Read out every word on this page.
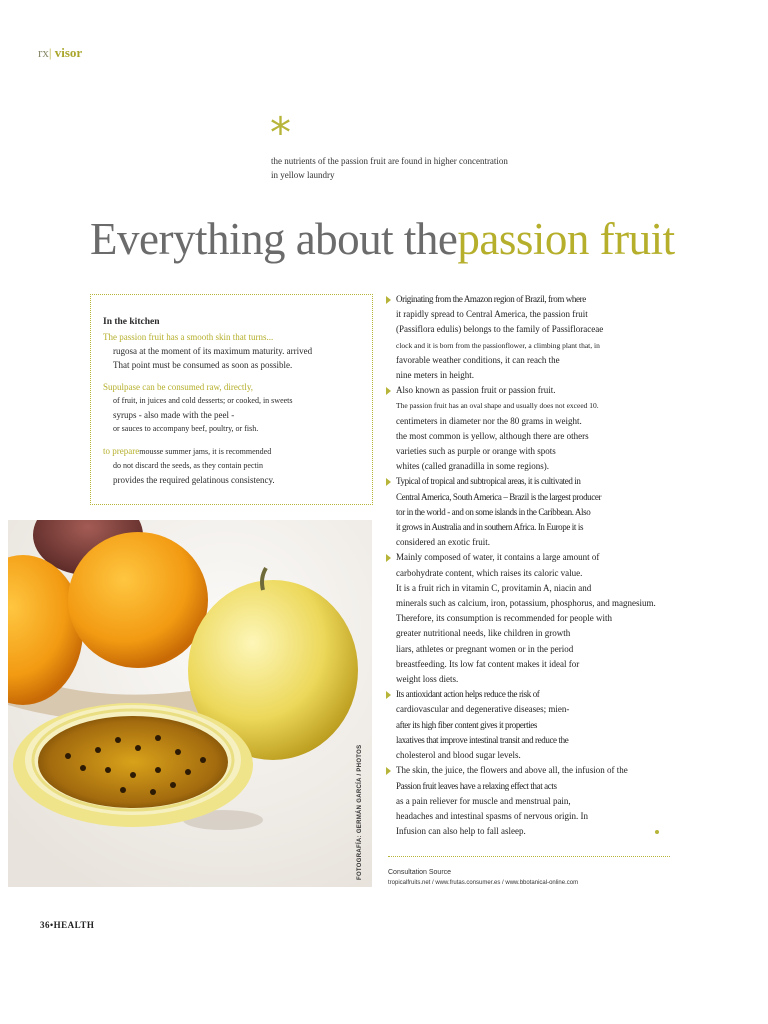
rx| visor
*
the nutrients of the passion fruit are found in higher concentration
in yellow laundry
Everything about thepassion fruit
In the kitchen

The passion fruit has a smooth skin that turns...
rugosa at the moment of its maximum maturity. arrived
That point must be consumed as soon as possible.

Supulpase can be consumed raw, directly,
of fruit, in juices and cold desserts; or cooked, in sweets
syrups - also made with the peel -
or sauces to accompany beef, poultry, or fish.

to preparemousse summer jams, it is recommended
do not discard the seeds, as they contain pectin
provides the required gelatinous consistency.

FOTOGRAFÍA: GERMÁN GARCÍA / PHOTOS
Originating from the Amazon region of Brazil, from where
it rapidly spread to Central America, the passion fruit
(Passiflora edulis) belongs to the family of Passifloraceae
clock and it is born from the passionflower, a climbing plant that, in
favorable weather conditions, it can reach the
nine meters in height.
Also known as passion fruit or passion fruit.
The passion fruit has an oval shape and usually does not exceed 10.
centimeters in diameter nor the 80 grams in weight.
the most common is yellow, although there are others
varieties such as purple or orange with spots
whites (called granadilla in some regions).
Typical of tropical and subtropical areas, it is cultivated in
Central America, South America – Brazil is the largest producer
tor in the world - and on some islands in the Caribbean. Also
it grows in Australia and in southern Africa. In Europe it is
considered an exotic fruit.
Mainly composed of water, it contains a large amount of
carbohydrate content, which raises its caloric value.
It is a fruit rich in vitamin C, provitamin A, niacin and
minerals such as calcium, iron, potassium, phosphorus, and magnesium.
Therefore, its consumption is recommended for people with
greater nutritional needs, like children in growth
liars, athletes or pregnant women or in the period
breastfeeding. Its low fat content makes it ideal for
weight loss diets.
Its antioxidant action helps reduce the risk of
cardiovascular and degenerative diseases; mien-
after its high fiber content gives it properties
laxatives that improve intestinal transit and reduce the
cholesterol and blood sugar levels.
The skin, the juice, the flowers and above all, the infusion of the
Passion fruit leaves have a relaxing effect that acts
as a pain reliever for muscle and menstrual pain,
headaches and intestinal spasms of nervous origin. In
Infusion can also help to fall asleep.
Consultation Source
tropicalfruits.net / www.frutas.consumer.es / www.bbotanical-online.com
36•HEALTH
